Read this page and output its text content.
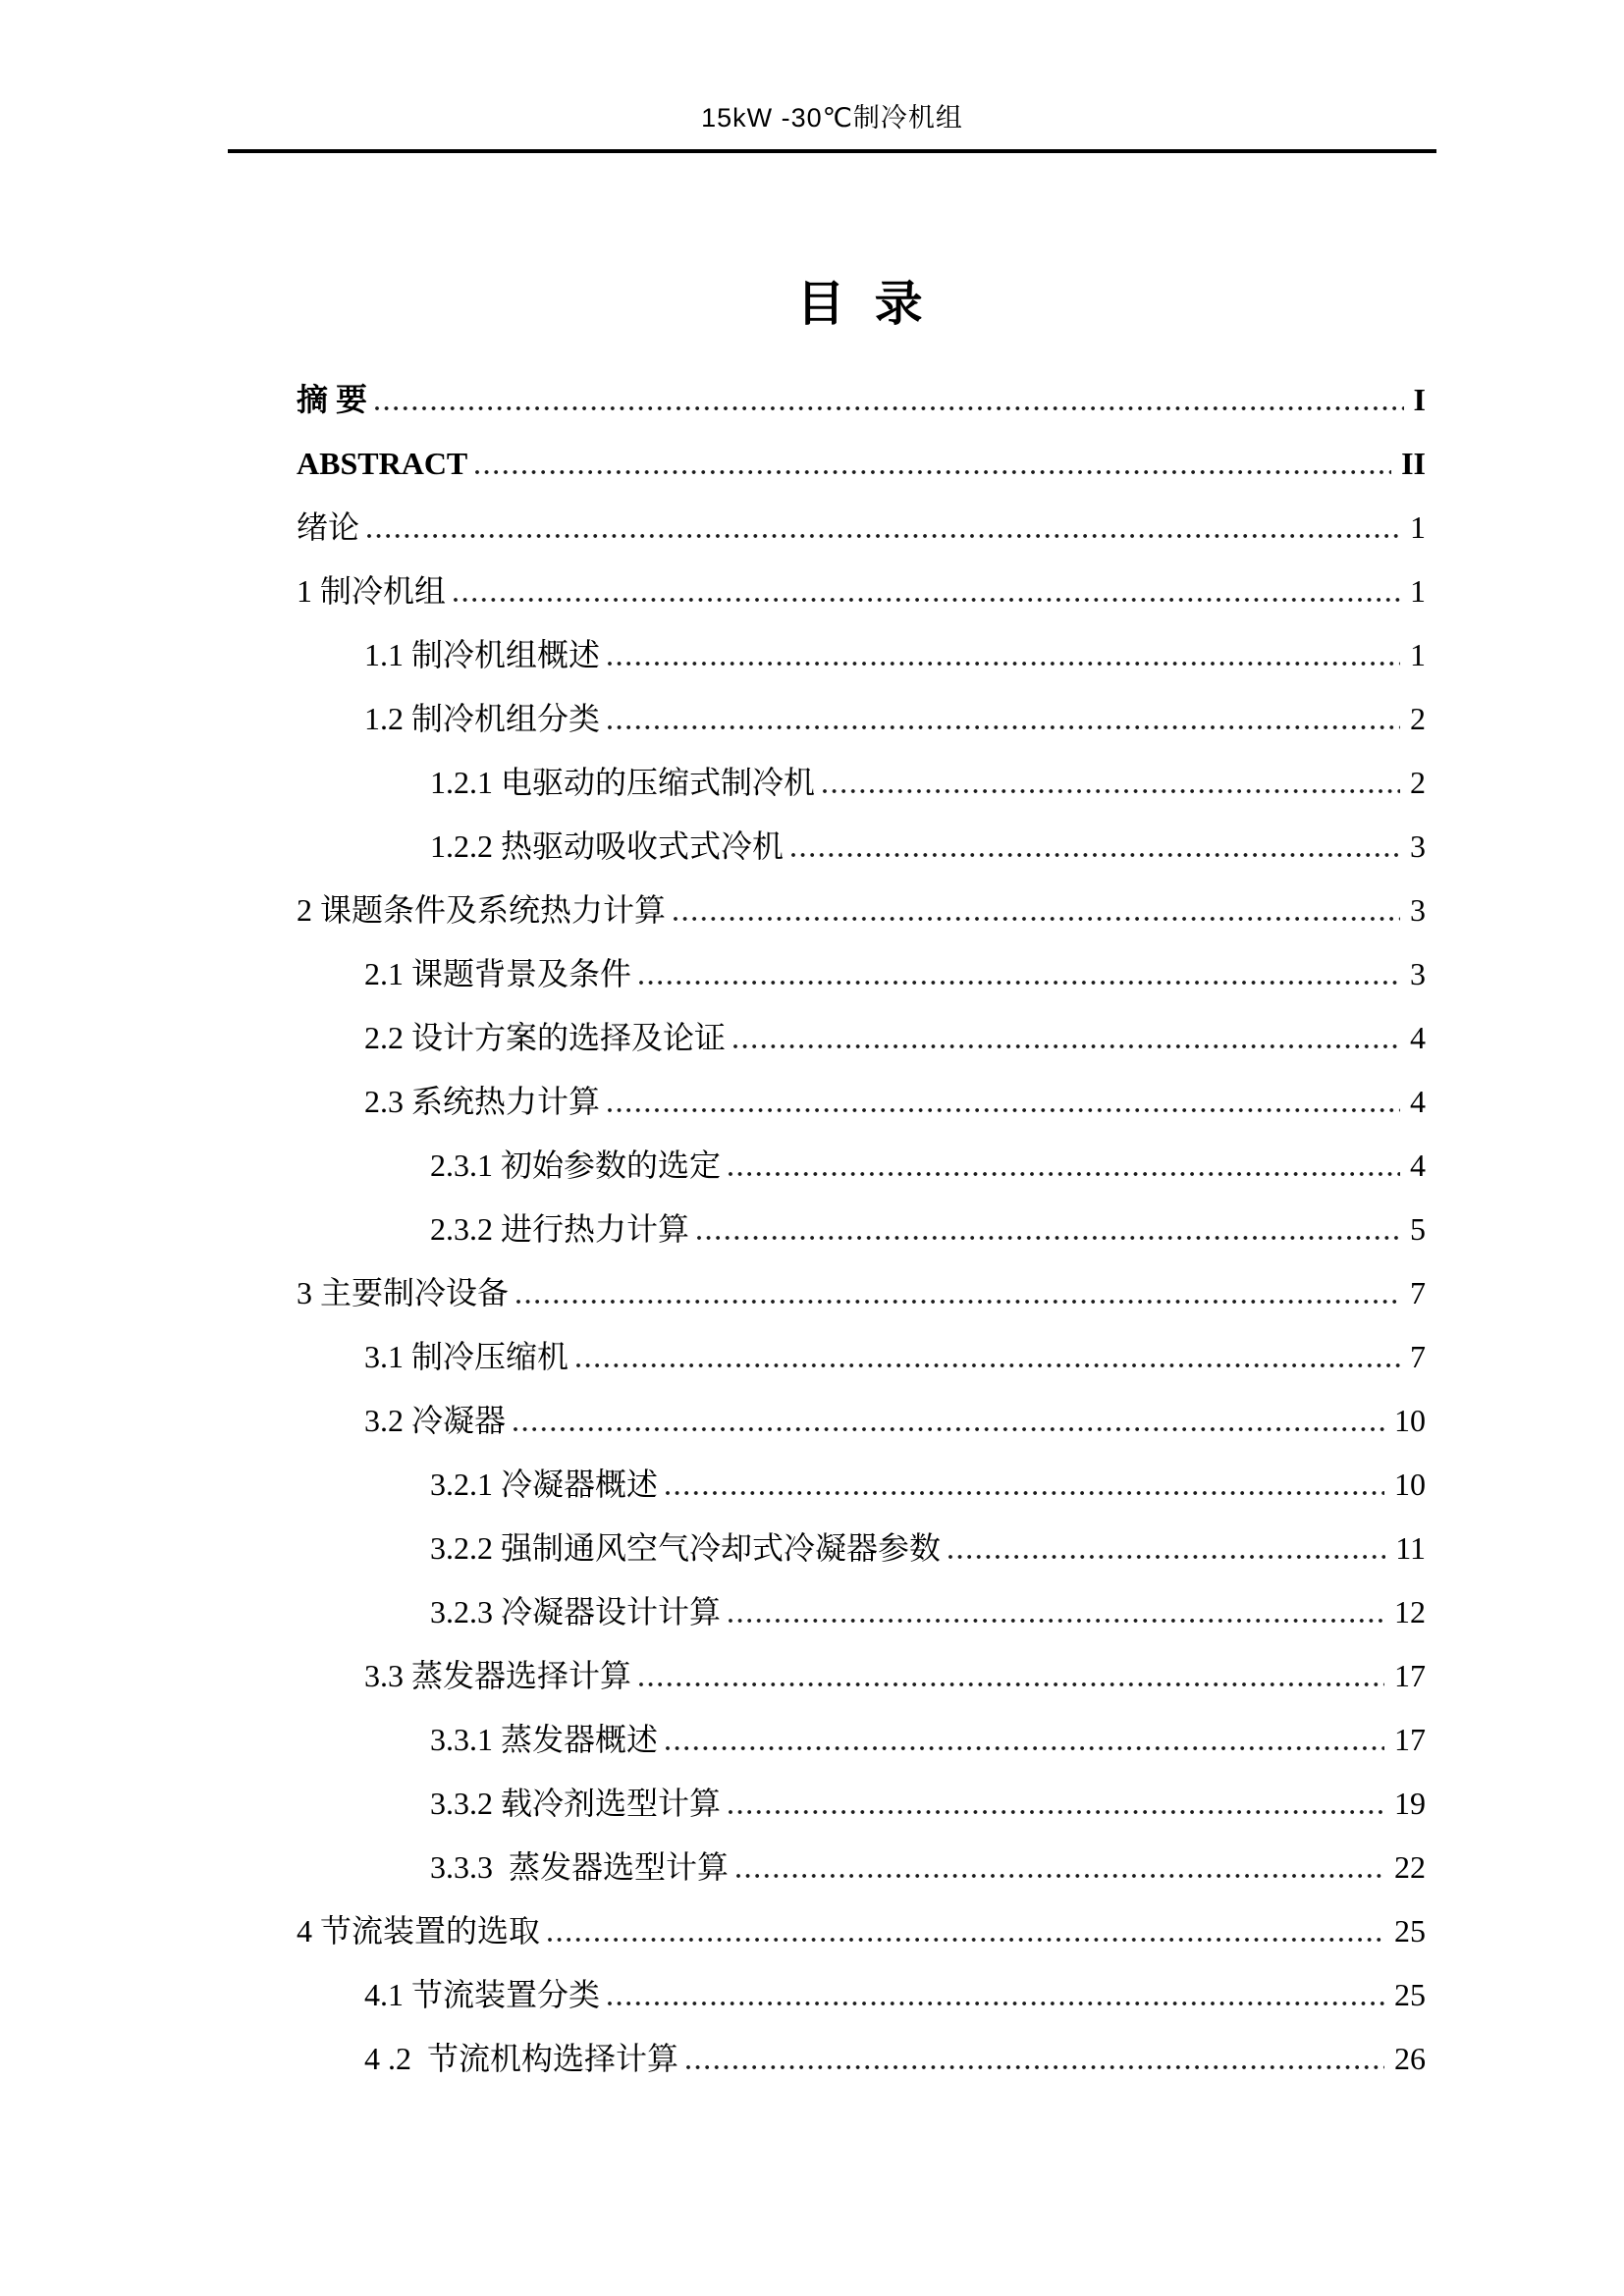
15kW -30℃制冷机组
目 录
摘 要	I
ABSTRACT	II
绪论	1
1 制冷机组	1
1.1 制冷机组概述	1
1.2 制冷机组分类	2
1.2.1 电驱动的压缩式制冷机	2
1.2.2 热驱动吸收式式冷机	3
2 课题条件及系统热力计算	3
2.1 课题背景及条件	3
2.2 设计方案的选择及论证	4
2.3 系统热力计算	4
2.3.1 初始参数的选定	4
2.3.2 进行热力计算	5
3 主要制冷设备	7
3.1 制冷压缩机	7
3.2 冷凝器	10
3.2.1 冷凝器概述	10
3.2.2 强制通风空气冷却式冷凝器参数	11
3.2.3 冷凝器设计计算	12
3.3 蒸发器选择计算	17
3.3.1 蒸发器概述	17
3.3.2 载冷剂选型计算	19
3.3.3  蒸发器选型计算	22
4 节流装置的选取	25
4.1 节流装置分类	25
4 .2  节流机构选择计算	26
